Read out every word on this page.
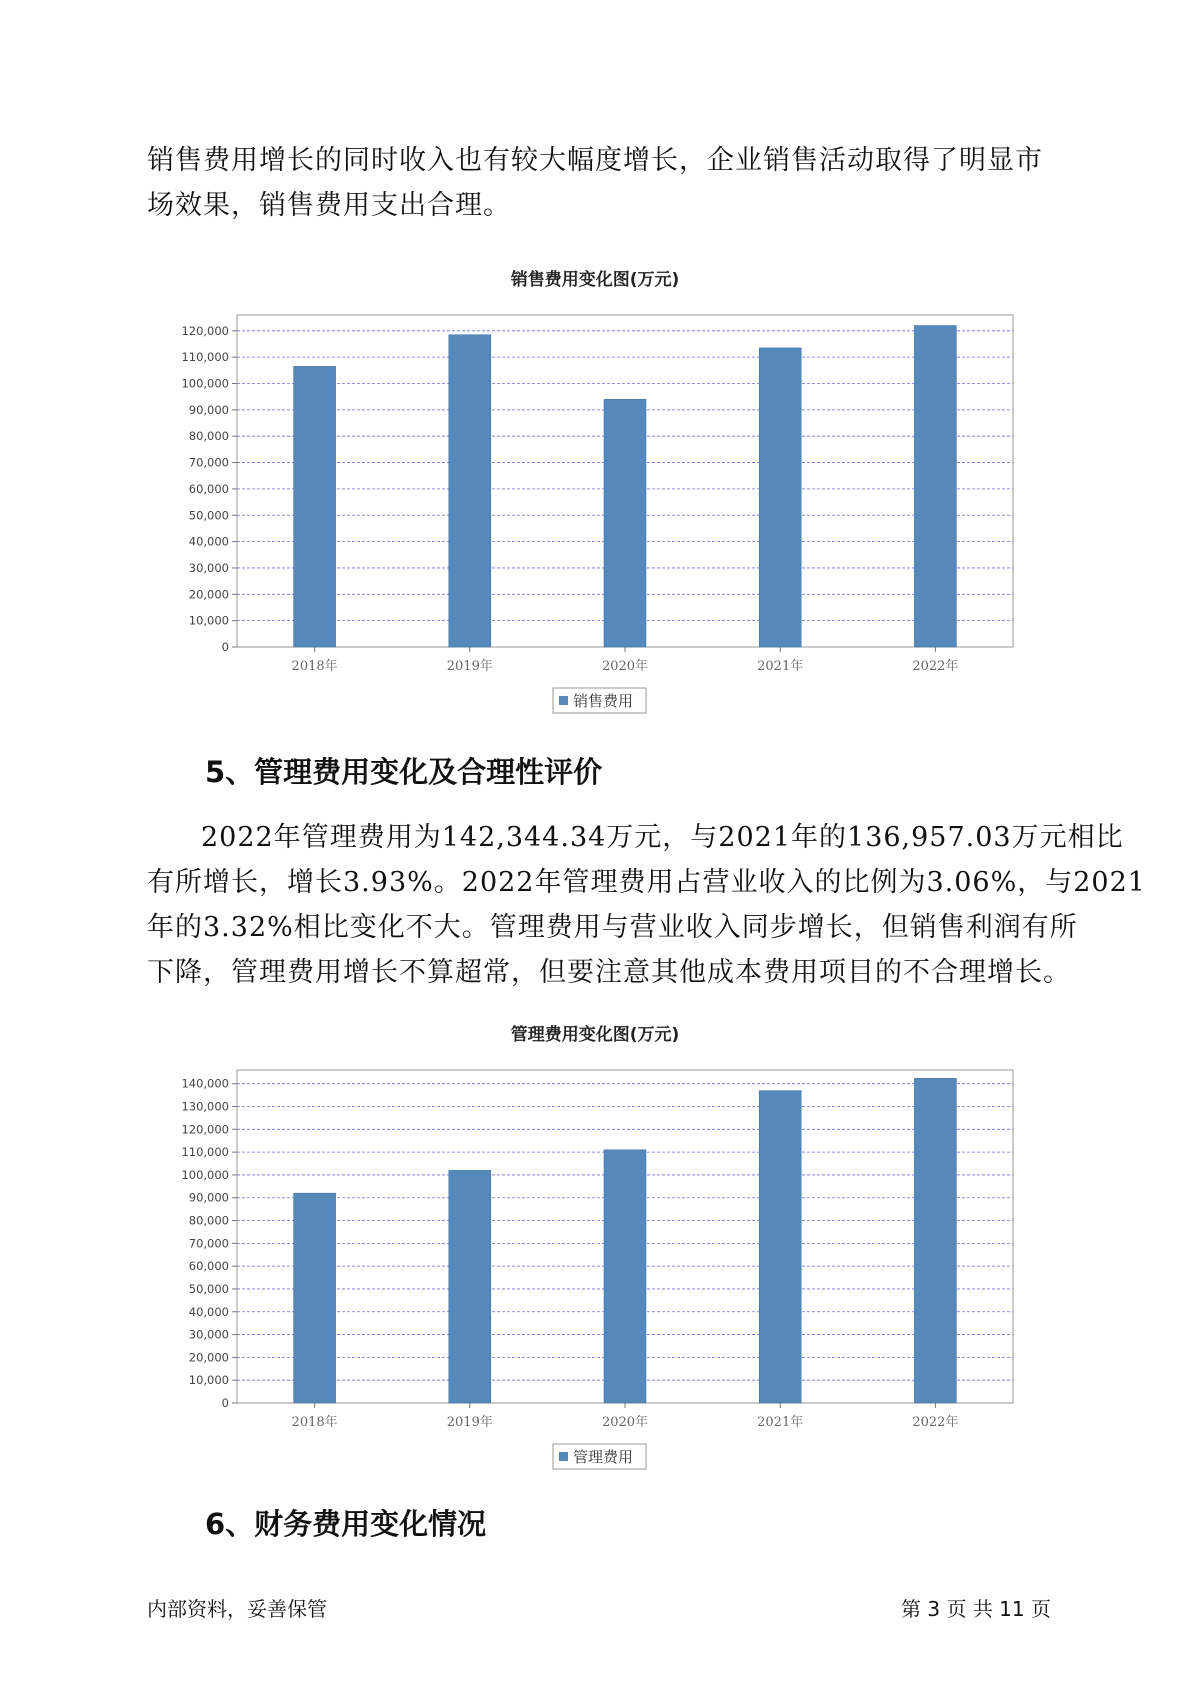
销售费用增长的同时收入也有较大幅度增长，企业销售活动取得了明显市
场效果，销售费用支出合理。
销售费用变化图(万元)
0
10,000
20,000
30,000
40,000
50,000
60,000
70,000
80,000
90,000
100,000
110,000
120,000
2018年	2019年	2020年	2021年	2022年
销售费用
5、管理费用变化及合理性评价
2022年管理费用为142,344.34万元，与2021年的136,957.03万元相比
有所增长，增长3.93%。2022年管理费用占营业收入的比例为3.06%，与2021
年的3.32%相比变化不大。管理费用与营业收入同步增长，但销售利润有所
下降，管理费用增长不算超常，但要注意其他成本费用项目的不合理增长。
管理费用变化图(万元)
0
10,000
20,000
30,000
40,000
50,000
60,000
70,000
80,000
90,000
100,000
110,000
120,000
130,000
140,000
2018年	2019年	2020年	2021年	2022年
管理费用
6、财务费用变化情况
内部资料，妥善保管	第 3 页 共 11 页
